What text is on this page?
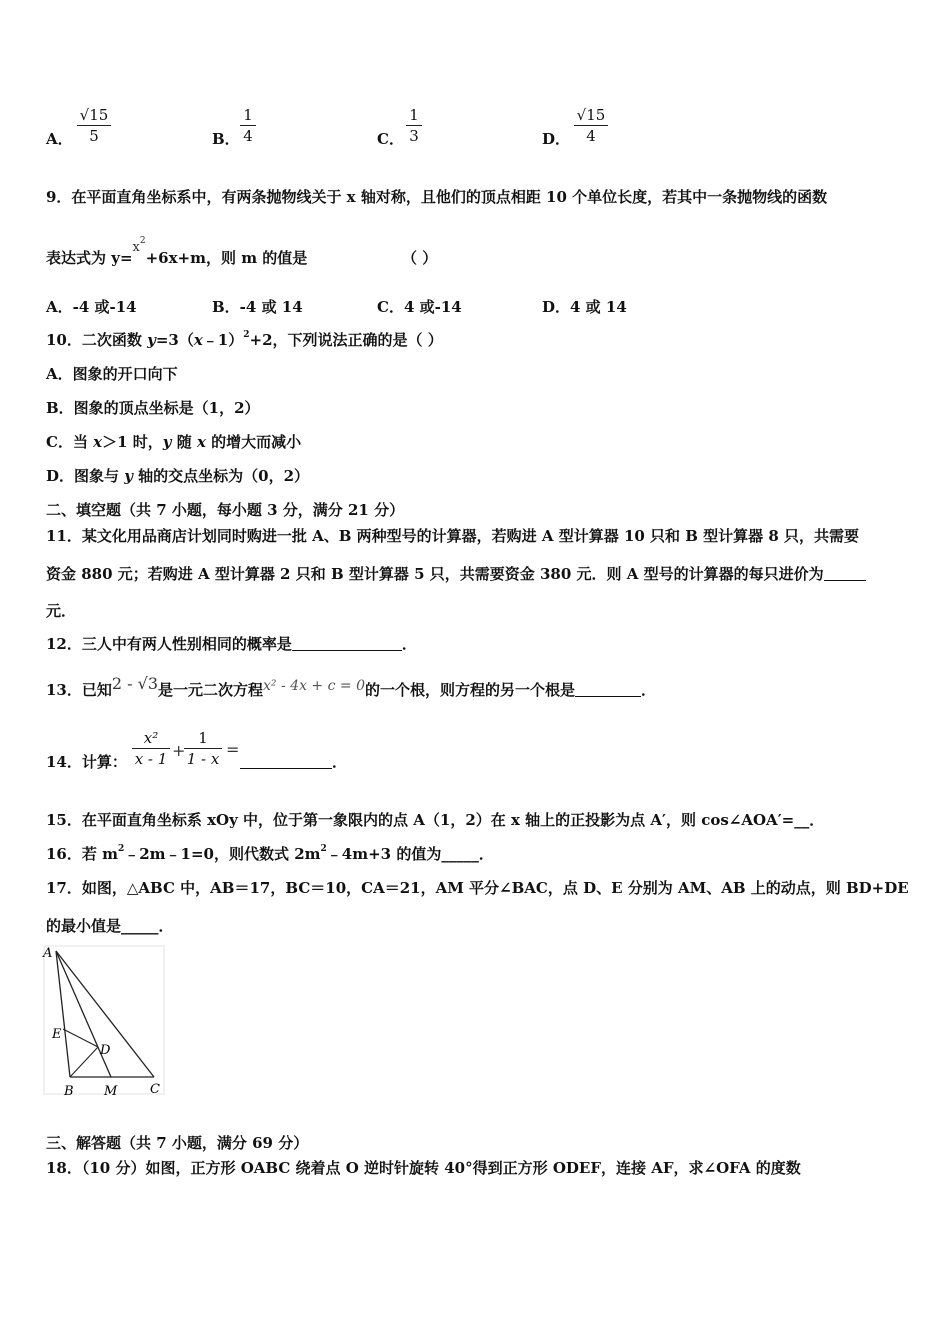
A． $\frac{√15}{5}$	B． $\frac{1}{4}$	C． $\frac{1}{3}$	D． $\frac{√15}{4}$
9．在平面直角坐标系中，有两条抛物线关于 x 轴对称，且他们的顶点相距 10 个单位长度，若其中一条抛物线的函数
表达式为 $y=x^2+6x+m$，则 m 的值是	（ ）
A．-4 或-14	B．-4 或 14	C．4 或-14	D．4 或 14
10．二次函数 y=3（x﹣1）$^2$+2，下列说法正确的是（ ）
A．图象的开口向下
B．图象的顶点坐标是（1，2）
C．当 x＞1 时，y 随 x 的增大而减小
D．图象与 y 轴的交点坐标为（0，2）
二、填空题（共 7 小题，每小题 3 分，满分 21 分）
11．某文化用品商店计划同时购进一批 A、B 两种型号的计算器，若购进 A 型计算器 10 只和 B 型计算器 8 只，共需要
资金 880 元；若购进 A 型计算器 2 只和 B 型计算器 5 只，共需要资金 380 元．则 A 型号的计算器的每只进价为
元．
12．三人中有两人性别相同的概率是	．
13．已知2 - √3是一元二次方程x² - 4x + c = 0的一个根，则方程的另一个根是	．
14．计算： $\frac{\text{x²}}{x - 1}$ +
$\frac{1}{1 - x}$ =
．
15．在平面直角坐标系 xOy 中，位于第一象限内的点 A（1，2）在 x 轴上的正投影为点 A′，则 cos∠AOA′=__．
16．若 $m^2﹣2m﹣1=0$，则代数式 $2m^2﹣4m+3$ 的值为_____．
17．如图，△ABC 中，AB＝17，BC＝10，CA＝21，AM 平分∠BAC，点 D、E 分别为 AM、AB 上的动点，则 BD+DE
的最小值是_____．
A
E
D
B M	C
三、解答题（共 7 小题，满分 69 分）
18．（10 分）如图，正方形 OABC 绕着点 O 逆时针旋转 40°得到正方形 ODEF，连接 AF，求∠OFA 的度数
